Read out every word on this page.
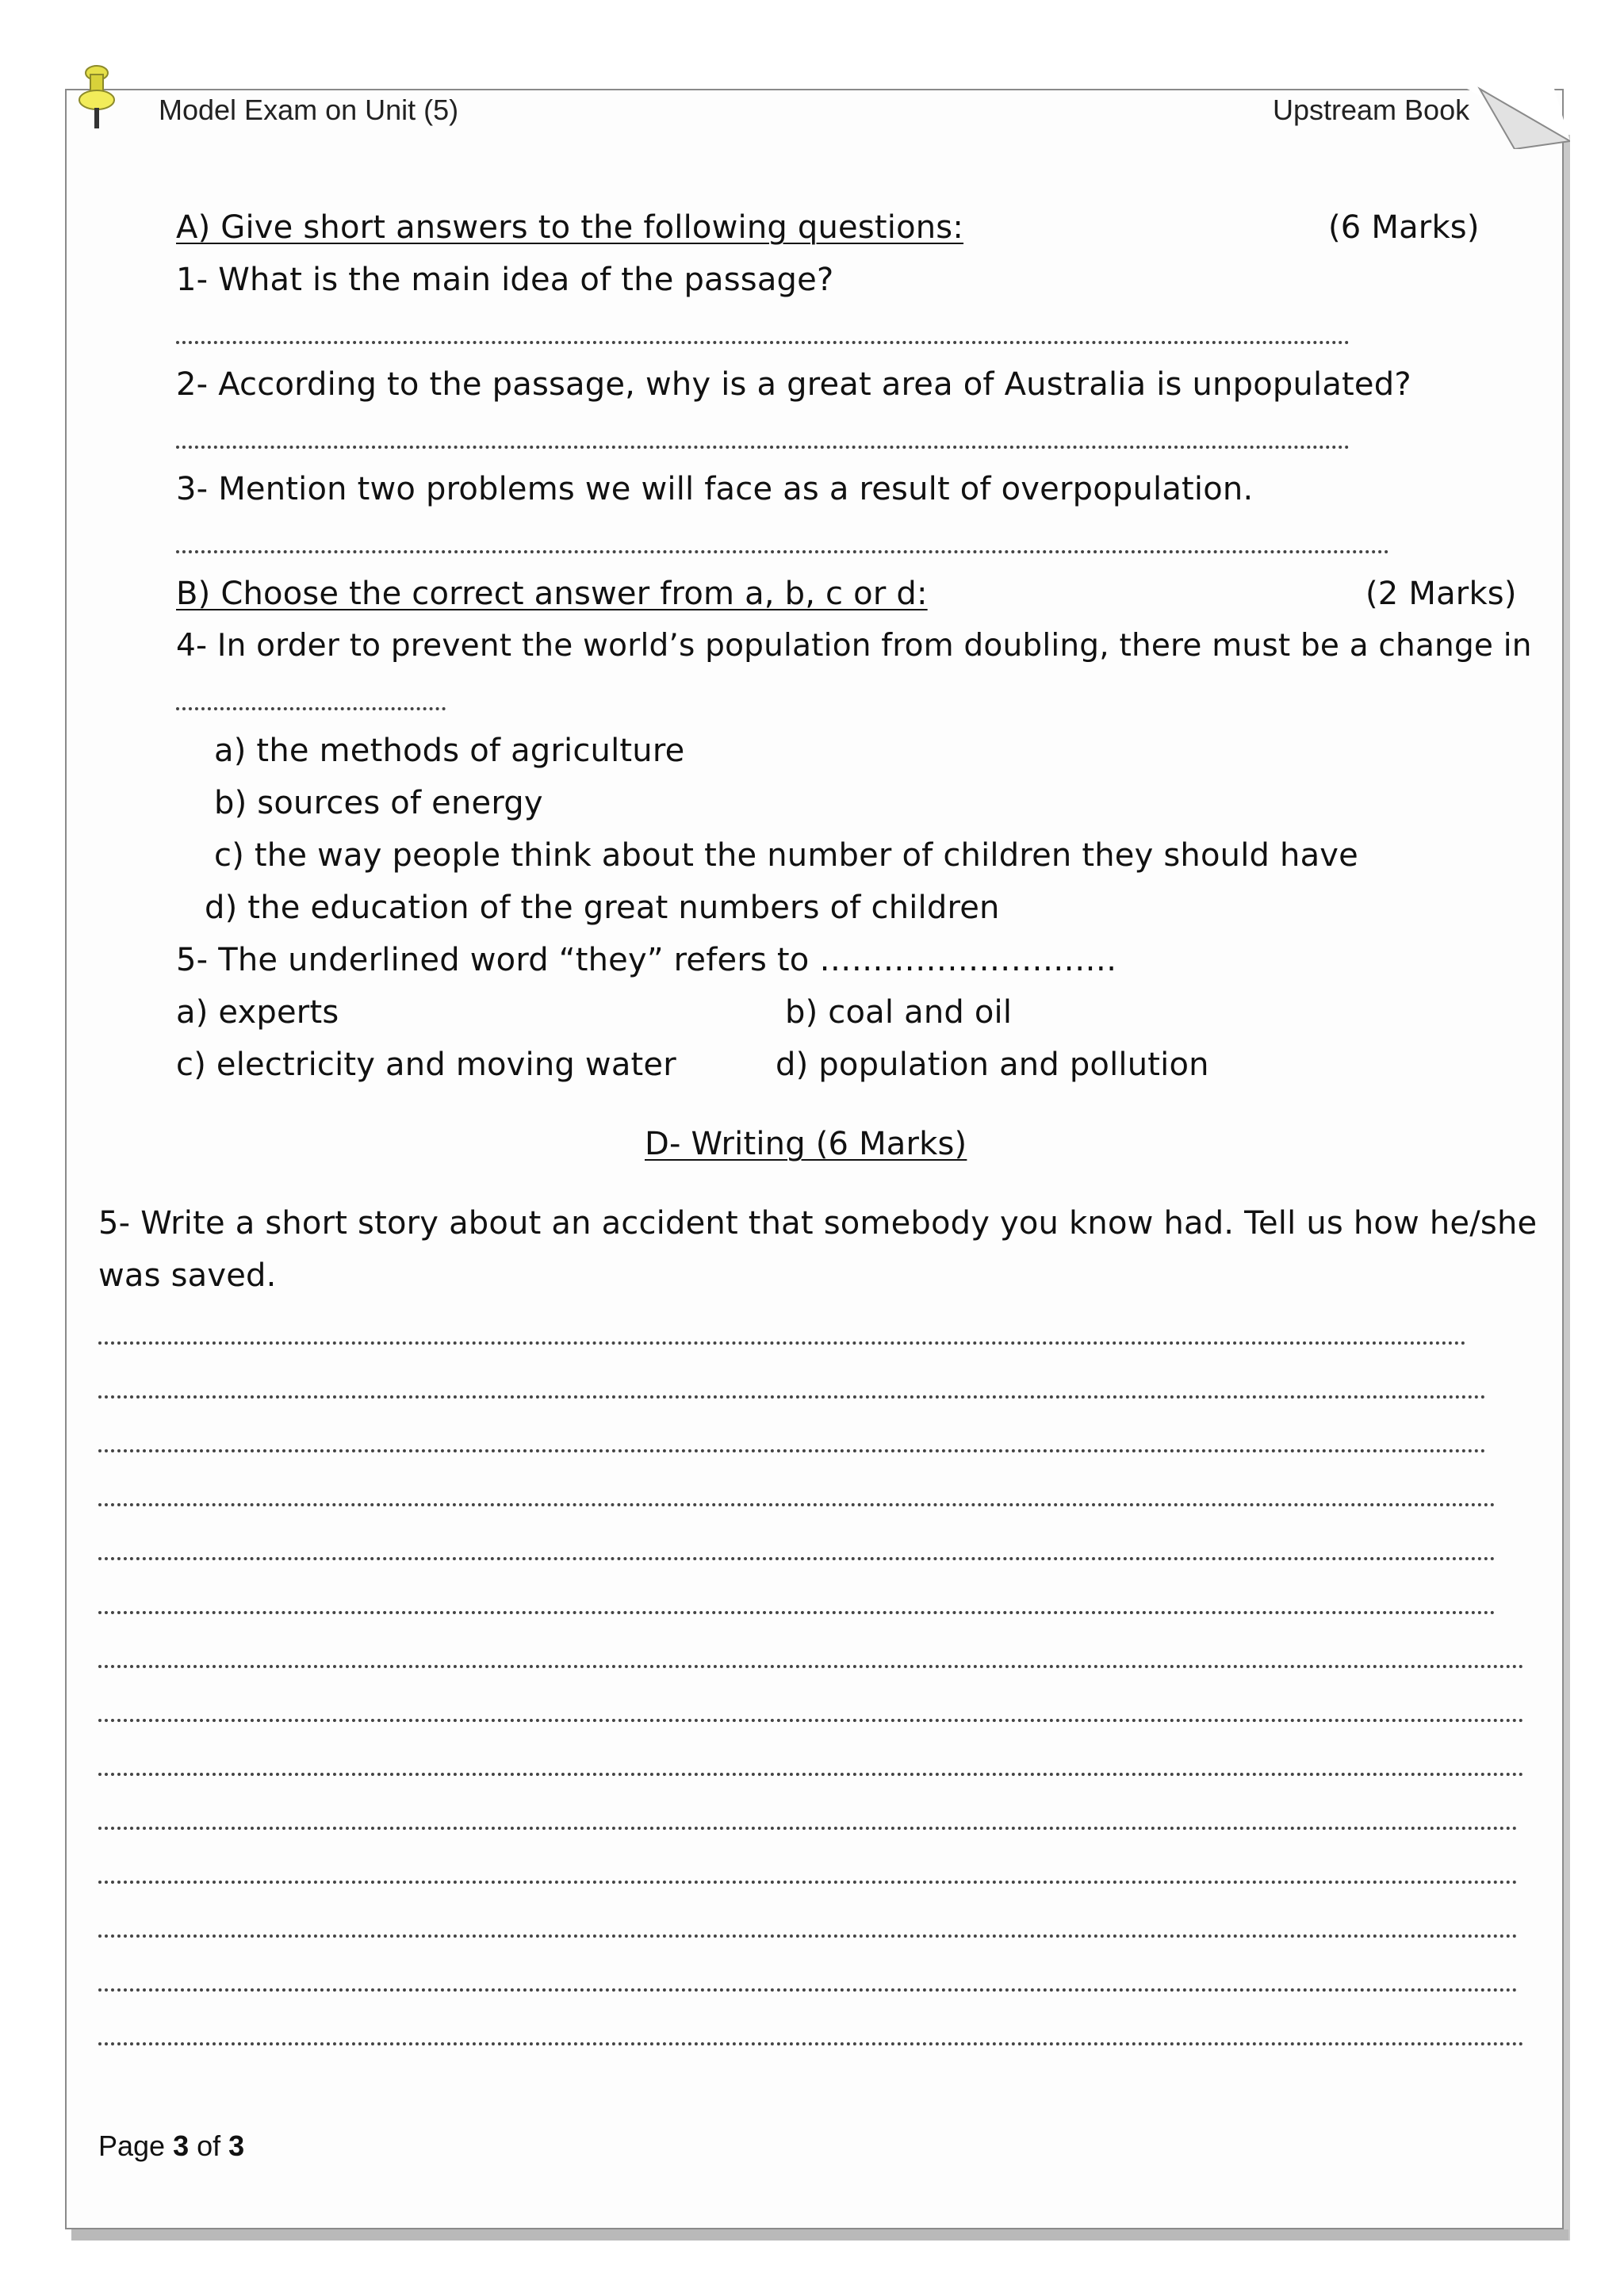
Model Exam on Unit (5)	Upstream Book
A) Give short answers to the following questions:	(6 Marks)
1- What is the main idea of the passage?
2- According to the passage, why is a great area of Australia is unpopulated?
3- Mention two problems we will face as a result of overpopulation.
B) Choose the correct answer from a, b, c or d:	(2 Marks)
4- In order to prevent the world’s population from doubling, there must be a change in
a) the methods of agriculture
b) sources of energy
c) the way people think about the number of children they should have
d) the education of the great numbers of children
5- The underlined word “they” refers to ……………………….
a) experts	b) coal and oil
c) electricity and moving water	d) population and pollution
D- Writing (6 Marks)
5- Write a short story about an accident that somebody you know had. Tell us how he/she
was saved.
Page 3 of 3
